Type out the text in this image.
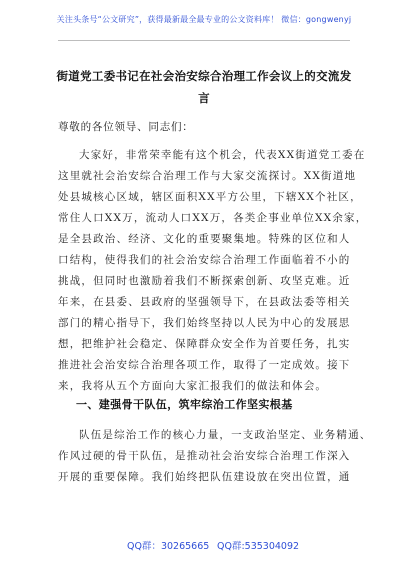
关注头条号“公文研究”，获得最新最全最专业的公文资料库！ 微信：gongwenyj
街道党工委书记在社会治安综合治理工作会议上的交流发
言
尊敬的各位领导、同志们：
大家好，非常荣幸能有这个机会，代表XX街道党工委在
这里就社会治安综合治理工作与大家交流探讨。XX街道地
处县城核心区域，辖区面积XX平方公里，下辖XX个社区，
常住人口XX万，流动人口XX万，各类企事业单位XX余家，
是全县政治、经济、文化的重要聚集地。特殊的区位和人
口结构，使得我们的社会治安综合治理工作面临着不小的
挑战，但同时也激励着我们不断探索创新、攻坚克难。近
年来，在县委、县政府的坚强领导下，在县政法委等相关
部门的精心指导下，我们始终坚持以人民为中心的发展思
想，把维护社会稳定、保障群众安全作为首要任务，扎实
推进社会治安综合治理各项工作，取得了一定成效。接下
来，我将从五个方面向大家汇报我们的做法和体会。
一、建强骨干队伍，筑牢综治工作坚实根基
队伍是综治工作的核心力量，一支政治坚定、业务精通、
作风过硬的骨干队伍，是推动社会治安综合治理工作深入
开展的重要保障。我们始终把队伍建设放在突出位置，通
QQ群：30265665 QQ群:535304092
